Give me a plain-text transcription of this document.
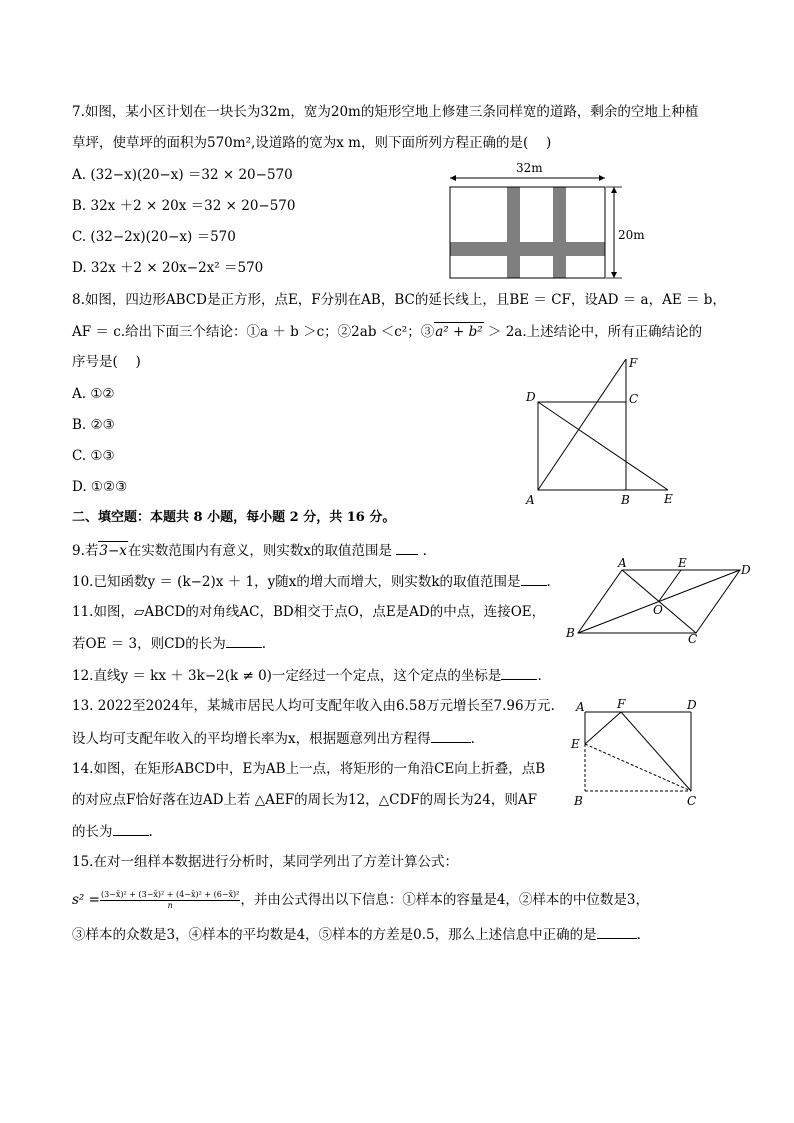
7.如图，某小区计划在一块长为32m，宽为20m的矩形空地上修建三条同样宽的道路，剩余的空地上种植
草坪，使草坪的面积为570m²,设道路的宽为x m，则下面所列方程正确的是(　 )
A. (32−x)(20−x) ＝32 × 20−570
B. 32x ＋2 × 20x ＝32 × 20−570
C. (32−2x)(20−x) ＝570
D. 32x ＋2 × 20x−2x² ＝570
32m
20m
8.如图，四边形ABCD是正方形，点E，F分别在AB，BC的延长线上，且BE ＝ CF，设AD ＝ a，AE ＝ b，
AF ＝ c.给出下面三个结论：①a ＋ b ＞c；②2ab ＜c²；③a² + b² ＞ 2a.上述结论中，所有正确结论的
序号是(　 )
A. ①②
B. ②③
C. ①③
D. ①②③
D	C
F
A	B	E
二、填空题：本题共 8 小题，每小题 2 分，共 16 分。
9.若3−x在实数范围内有意义，则实数x的取值范围是  .
10.已知函数y ＝ (k−2)x ＋ 1，y随x的增大而增大，则实数k的取值范围是 .
11.如图，▱ABCD的对角线AC，BD相交于点O，点E是AD的中点，连接OE，
若OE ＝ 3，则CD的长为	.
A	E	D
O
B	C
12.直线y ＝ kx ＋ 3k−2(k ≠ 0)一定经过一个定点，这个定点的坐标是	.
13. 2022至2024年，某城市居民人均可支配年收入由6.58万元增长至7.96万元.
设人均可支配年收入的平均增长率为x，根据题意列出方程得	.
14.如图，在矩形ABCD中，E为AB上一点，将矩形的一角沿CE向上折叠，点B
的对应点F恰好落在边AD上若 △AEF的周长为12，△CDF的周长为24，则AF
的长为	.
A	F	D
E
B	C
15.在对一组样本数据进行分析时，某同学列出了方差计算公式：
$s^2 = \frac{\text{(3−x̄)² + (3−x̄)² + (4−x̄)² + (6−x̄)²}}{n}$ ，并由公式得出以下信息：①样本的容量是4，②样本的中位数是3，
③样本的众数是3，④样本的平均数是4，⑤样本的方差是0.5，那么上述信息中正确的是	.
